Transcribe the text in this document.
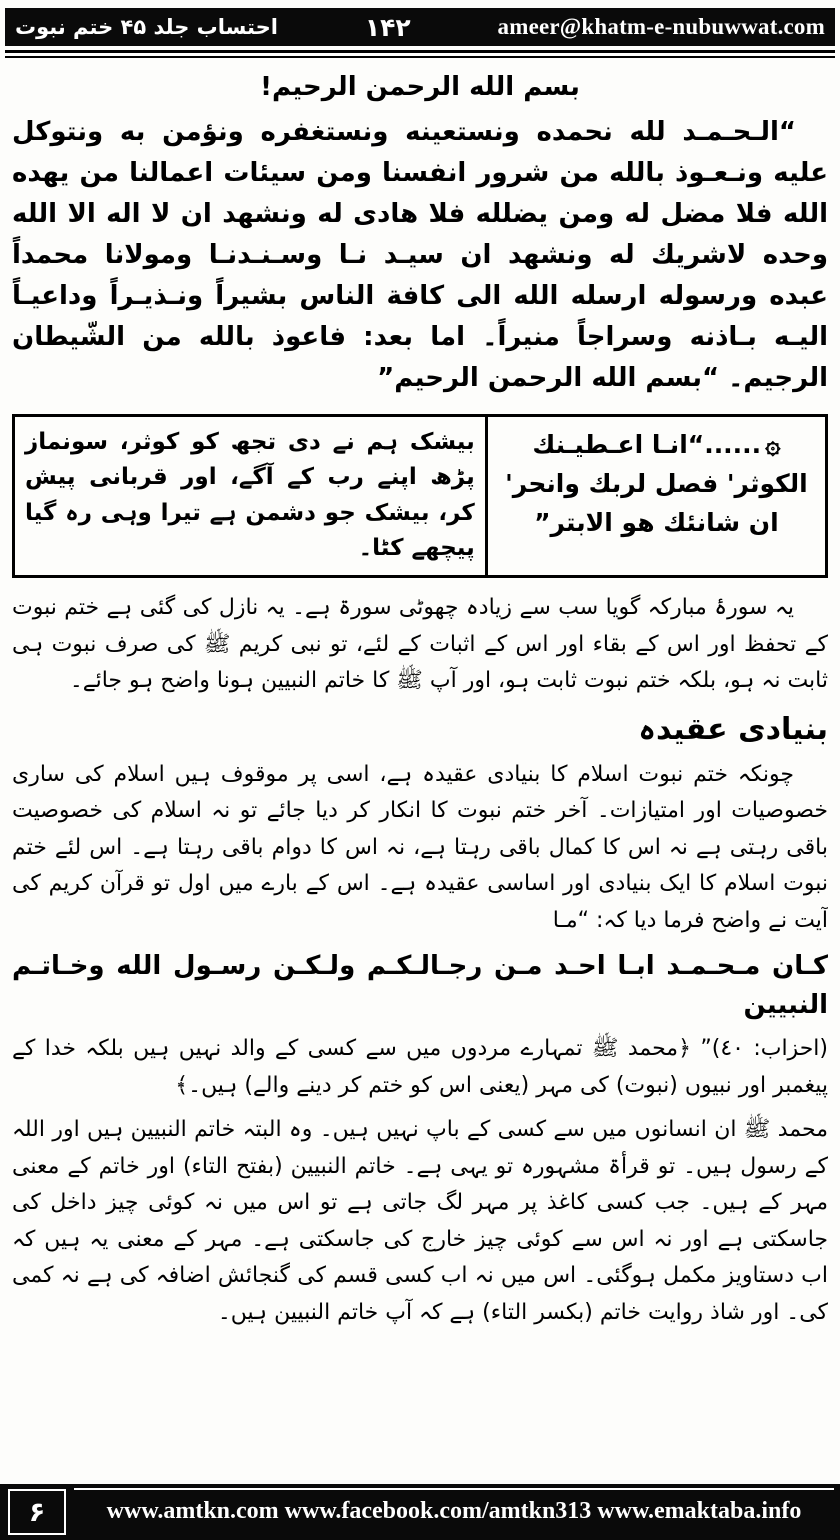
ameer@khatm-e-nubuwwat.com
۱۴۲
احتساب جلد ۴۵ ختم نبوت
بسم الله الرحمن الرحيم!

“الـحـمـد لله نحمده ونستعينه ونستغفره ونؤمن به ونتوكل عليه ونـعـوذ بالله من شرور انفسنا ومن سيئات اعمالنا من يهده الله فلا مضل له ومن يضلله فلا هادی له ونشهد ان لا اله الا الله وحده لاشريك له ونشهد ان سيـد نـا وسـنـدنـا ومولانا محمداً عبده ورسوله ارسله الله الی كافة الناس بشيراً ونـذيـراً وداعيـاً اليـه بـاذنه وسراجاً منيراً۔ اما بعد: فاعوذ بالله من الشّيطان الرجيم۔ “بسم الله الرحمن الرحيم”

۞......“انـا اعـطيـنك الكوثر' فصل لربك وانحر' ان شانئك هو الابتر”
بیشک ہم نے دی تجھ کو کوثر، سونماز پڑھ اپنے رب کے آگے، اور قربانی پیش کر، بیشک جو دشمن ہے تیرا وہی رہ گیا پیچھے کٹا۔

یہ سورۂ مبارکہ گویا سب سے زیادہ چھوٹی سورۃ ہے۔ یہ نازل کی گئی ہے ختم نبوت کے تحفظ اور اس کے بقاء اور اس کے اثبات کے لئے، تو نبی کریم ﷺ کی صرف نبوت ہی ثابت نہ ہو، بلکہ ختم نبوت ثابت ہو، اور آپ ﷺ کا خاتم النبیین ہونا واضح ہو جائے۔

بنیادی عقیدہ

چونکہ ختم نبوت اسلام کا بنیادی عقیدہ ہے، اسی پر موقوف ہیں اسلام کی ساری خصوصیات اور امتیازات۔ آخر ختم نبوت کا انکار کر دیا جائے تو نہ اسلام کی خصوصیت باقی رہتی ہے نہ اس کا کمال باقی رہتا ہے، نہ اس کا دوام باقی رہتا ہے۔ اس لئے ختم نبوت اسلام کا ایک بنیادی اور اساسی عقیدہ ہے۔ اس کے بارے میں اول تو قرآن کریم کی آیت نے واضح فرما دیا کہ: “مـا

كـان مـحـمـد ابـا احـد مـن رجـالـكـم ولـكـن رسـول الله وخـاتـم النبيين

(احزاب: ٤٠)” ﴿محمد ﷺ تمہارے مردوں میں سے کسی کے والد نہیں ہیں بلکہ خدا کے پیغمبر اور نبیوں (نبوت) کی مہر (یعنی اس کو ختم کر دینے والے) ہیں۔﴾

محمد ﷺ ان انسانوں میں سے کسی کے باپ نہیں ہیں۔ وہ البتہ خاتم النبیین ہیں اور اللہ کے رسول ہیں۔ تو قرأۃ مشہورہ تو یہی ہے۔ خاتم النبیین (بفتح التاء) اور خاتم کے معنی مہر کے ہیں۔ جب کسی کاغذ پر مہر لگ جاتی ہے تو اس میں نہ کوئی چیز داخل کی جاسکتی ہے اور نہ اس سے کوئی چیز خارج کی جاسکتی ہے۔ مہر کے معنی یہ ہیں کہ اب دستاویز مکمل ہوگئی۔ اس میں نہ اب کسی قسم کی گنجائش اضافہ کی ہے نہ کمی کی۔ اور شاذ روایت خاتم (بکسر التاء) ہے کہ آپ خاتم النبیین ہیں۔

۶	www.amtkn.com www.facebook.com/amtkn313 www.emaktaba.info
